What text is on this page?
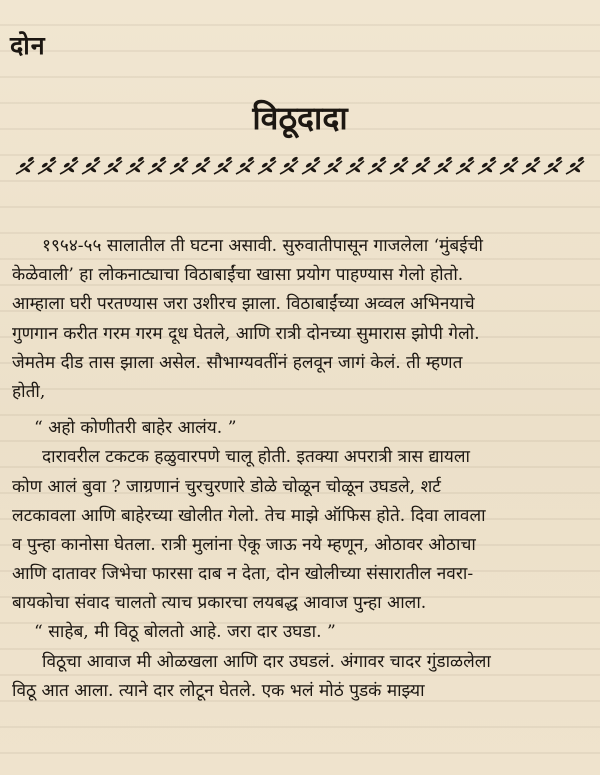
दोन
विठूदादा
१९५४-५५ सालातील ती घटना असावी. सुरुवातीपासून गाजलेला ‘मुंबईची
केळेवाली’ हा लोकनाट्याचा विठाबाईंचा खासा प्रयोग पाहण्यास गेलो होतो.
आम्हाला घरी परतण्यास जरा उशीरच झाला. विठाबाईंच्या अव्वल अभिनयाचे
गुणगान करीत गरम गरम दूध घेतले, आणि रात्री दोनच्या सुमारास झोपी गेलो.
जेमतेम दीड तास झाला असेल. सौभाग्यवतींनं हलवून जागं केलं. ती म्हणत
होती,
“ अहो कोणीतरी बाहेर आलंय. ”
दारावरील टकटक हळुवारपणे चालू होती. इतक्या अपरात्री त्रास द्यायला
कोण आलं बुवा ? जाग्रणानं चुरचुरणारे डोळे चोळून चोळून उघडले, शर्ट
लटकावला आणि बाहेरच्या खोलीत गेलो. तेच माझे ऑफिस होते. दिवा लावला
व पुन्हा कानोसा घेतला. रात्री मुलांना ऐकू जाऊ नये म्हणून, ओठावर ओठाचा
आणि दातावर जिभेचा फारसा दाब न देता, दोन खोलीच्या संसारातील नवरा-
बायकोचा संवाद चालतो त्याच प्रकारचा लयबद्ध आवाज पुन्हा आला.
“ साहेब, मी विठू बोलतो आहे. जरा दार उघडा. ”
विठूचा आवाज मी ओळखला आणि दार उघडलं. अंगावर चादर गुंडाळलेला
विठू आत आला. त्याने दार लोटून घेतले. एक भलं मोठं पुडकं माझ्या
